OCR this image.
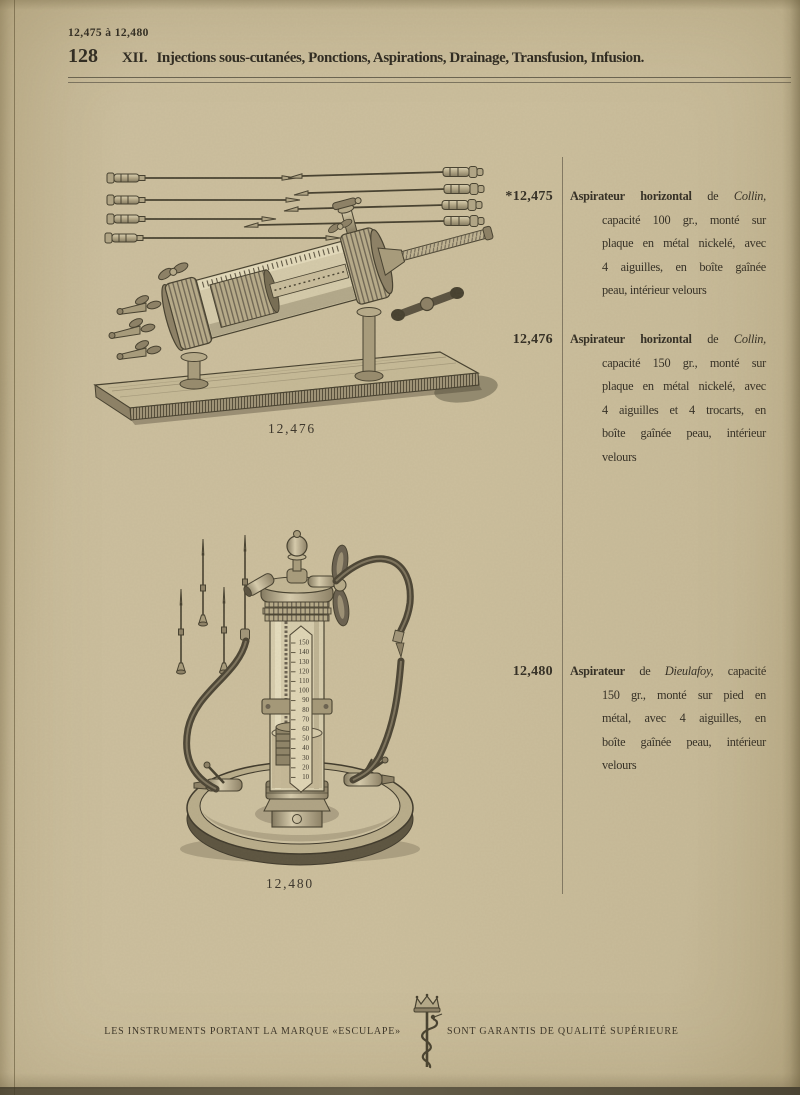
12,475 à 12,480
128 XII. Injections sous-cutanées, Ponctions, Aspirations, Drainage, Transfusion, Infusion.
12,476
150
140
130
120
110
100
90
80
70
60
50
40
30
20
10
12,480
*12,475 Aspirateur horizontal de Collin,
capacité 100 gr., monté sur
plaque en métal nickelé, avec
4 aiguilles, en boîte gaînée
peau, intérieur velours
12,476 Aspirateur horizontal de Collin,
capacité 150 gr., monté sur
plaque en métal nickelé, avec
4 aiguilles et 4 trocarts, en
boîte gaînée peau, intérieur
velours
12,480 Aspirateur de Dieulafoy, capacité
150 gr., monté sur pied en
métal, avec 4 aiguilles, en
boîte gaînée peau, intérieur
velours
LES INSTRUMENTS PORTANT LA MARQUE «ESCULAPE»	SONT GARANTIS DE QUALITÉ SUPÉRIEURE
